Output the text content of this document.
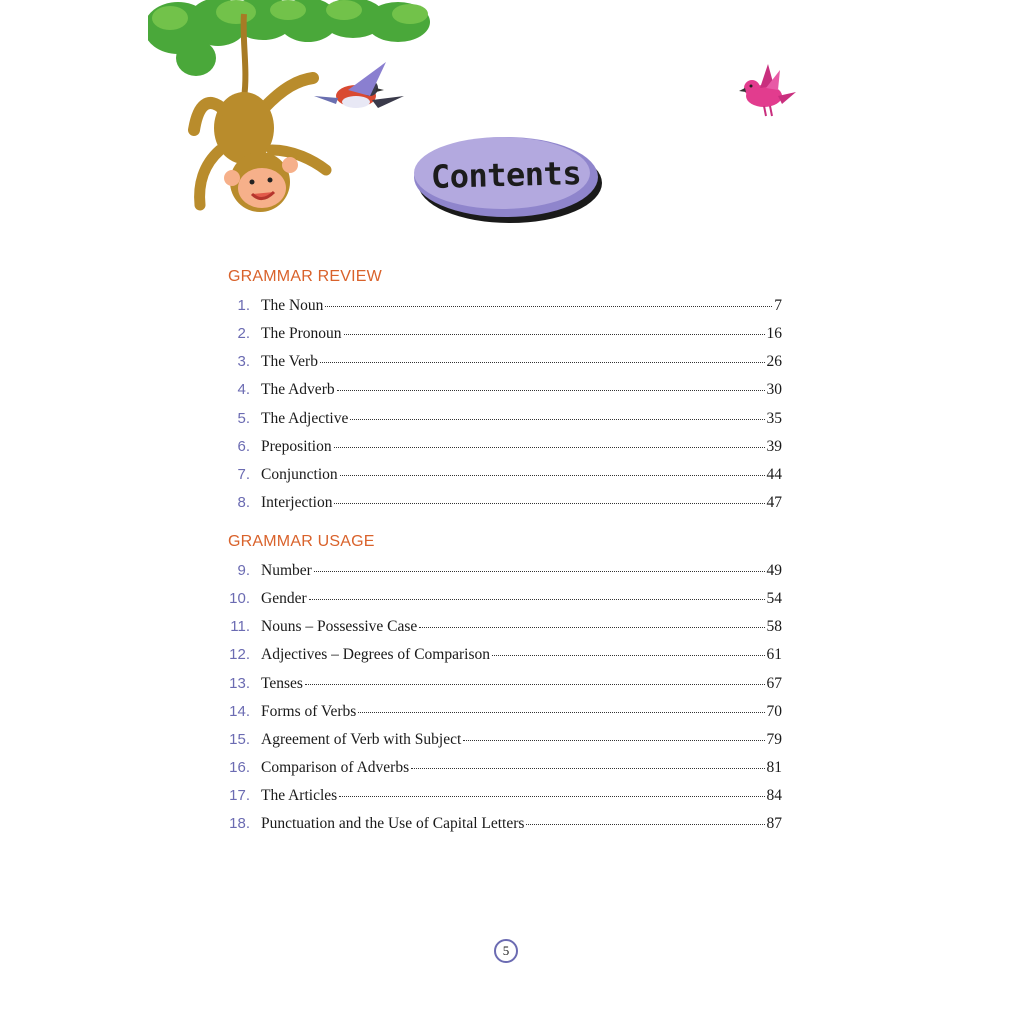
Contents
GRAMMAR REVIEW
1. The Noun	7
2. The Pronoun	16
3. The Verb	26
4. The Adverb	30
5. The Adjective	35
6. Preposition	39
7. Conjunction	44
8. Interjection	47
GRAMMAR USAGE
9. Number	49
10. Gender	54
11. Nouns – Possessive Case	58
12. Adjectives – Degrees of Comparison	61
13. Tenses	67
14. Forms of Verbs	70
15. Agreement of Verb with Subject	79
16. Comparison of Adverbs	81
17. The Articles	84
18. Punctuation and the Use of Capital Letters	87
5
